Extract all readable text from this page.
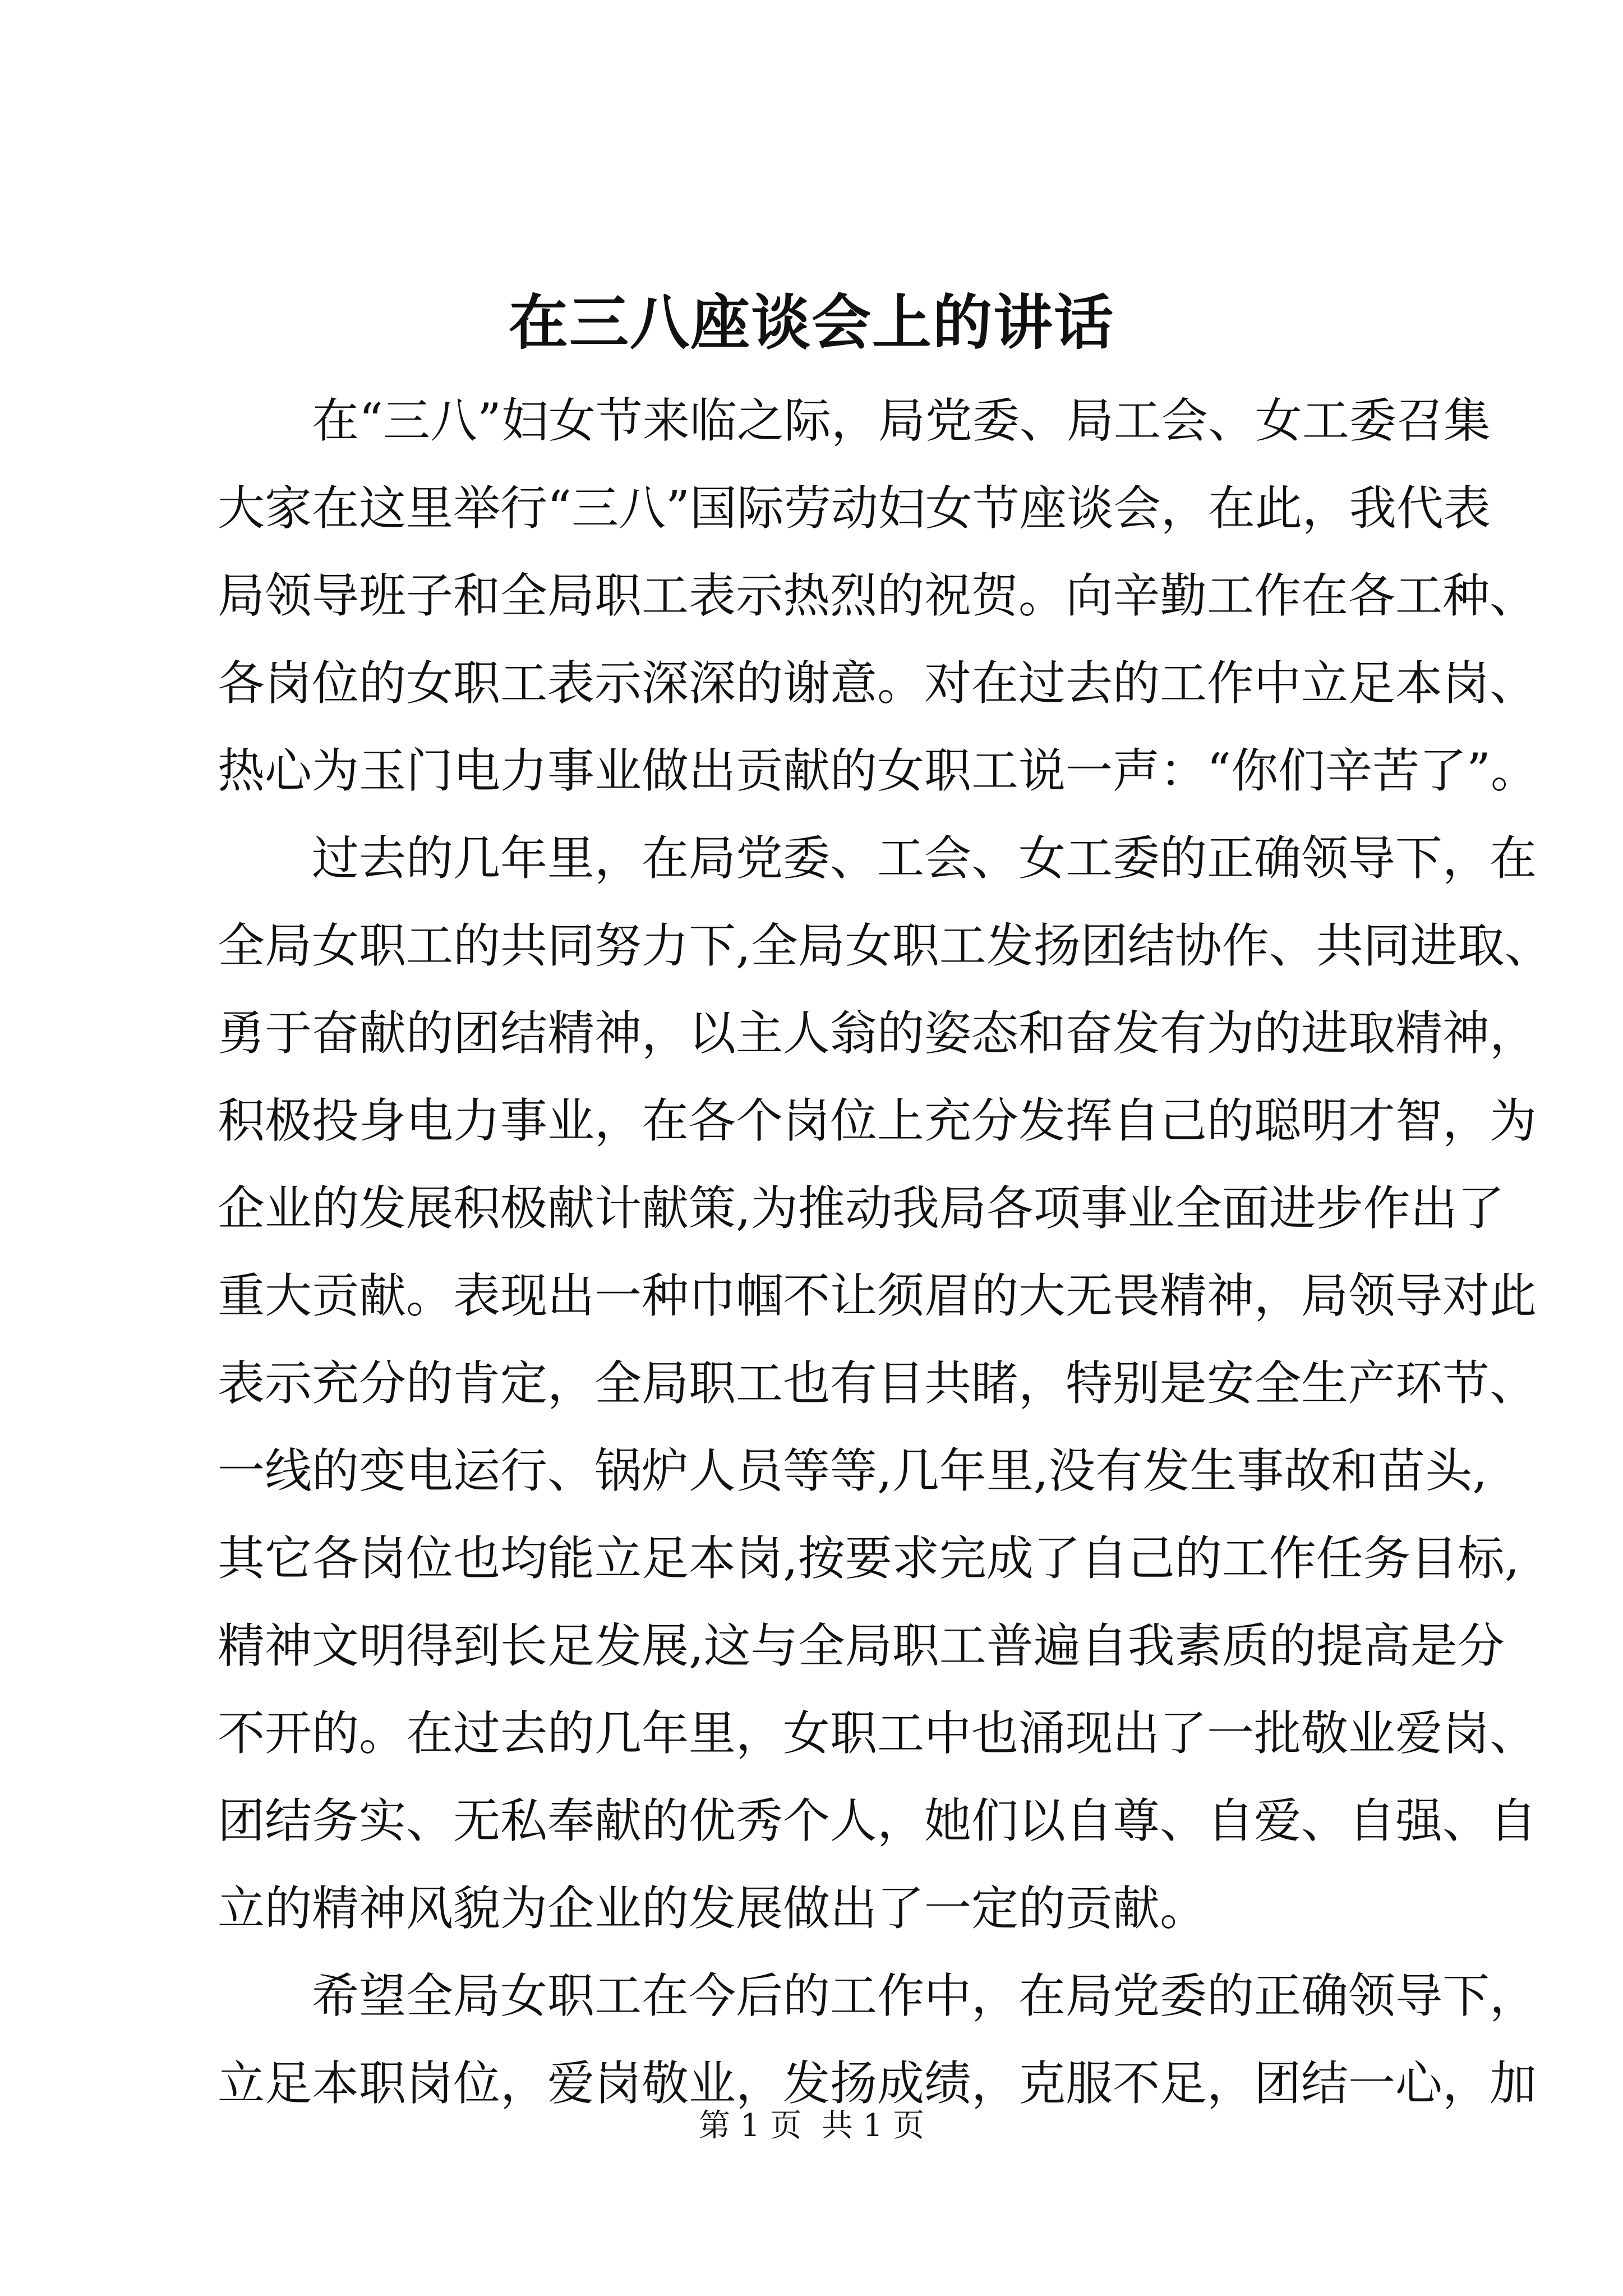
在三八座谈会上的讲话
在“三八”妇女节来临之际，局党委、局工会、女工委召集
大家在这里举行“三八”国际劳动妇女节座谈会，在此，我代表
局领导班子和全局职工表示热烈的祝贺。向辛勤工作在各工种、
各岗位的女职工表示深深的谢意。对在过去的工作中立足本岗、
热心为玉门电力事业做出贡献的女职工说一声：“你们辛苦了”。
过去的几年里，在局党委、工会、女工委的正确领导下，在
全局女职工的共同努力下,全局女职工发扬团结协作、共同进取、
勇于奋献的团结精神，以主人翁的姿态和奋发有为的进取精神，
积极投身电力事业，在各个岗位上充分发挥自己的聪明才智，为
企业的发展积极献计献策,为推动我局各项事业全面进步作出了
重大贡献。表现出一种巾帼不让须眉的大无畏精神，局领导对此
表示充分的肯定，全局职工也有目共睹，特别是安全生产环节、
一线的变电运行、锅炉人员等等,几年里,没有发生事故和苗头,
其它各岗位也均能立足本岗,按要求完成了自己的工作任务目标,
精神文明得到长足发展,这与全局职工普遍自我素质的提高是分
不开的。在过去的几年里，女职工中也涌现出了一批敬业爱岗、
团结务实、无私奉献的优秀个人，她们以自尊、自爱、自强、自
立的精神风貌为企业的发展做出了一定的贡献。
希望全局女职工在今后的工作中，在局党委的正确领导下，
立足本职岗位，爱岗敬业，发扬成绩，克服不足，团结一心，加
第 1 页  共 1 页
